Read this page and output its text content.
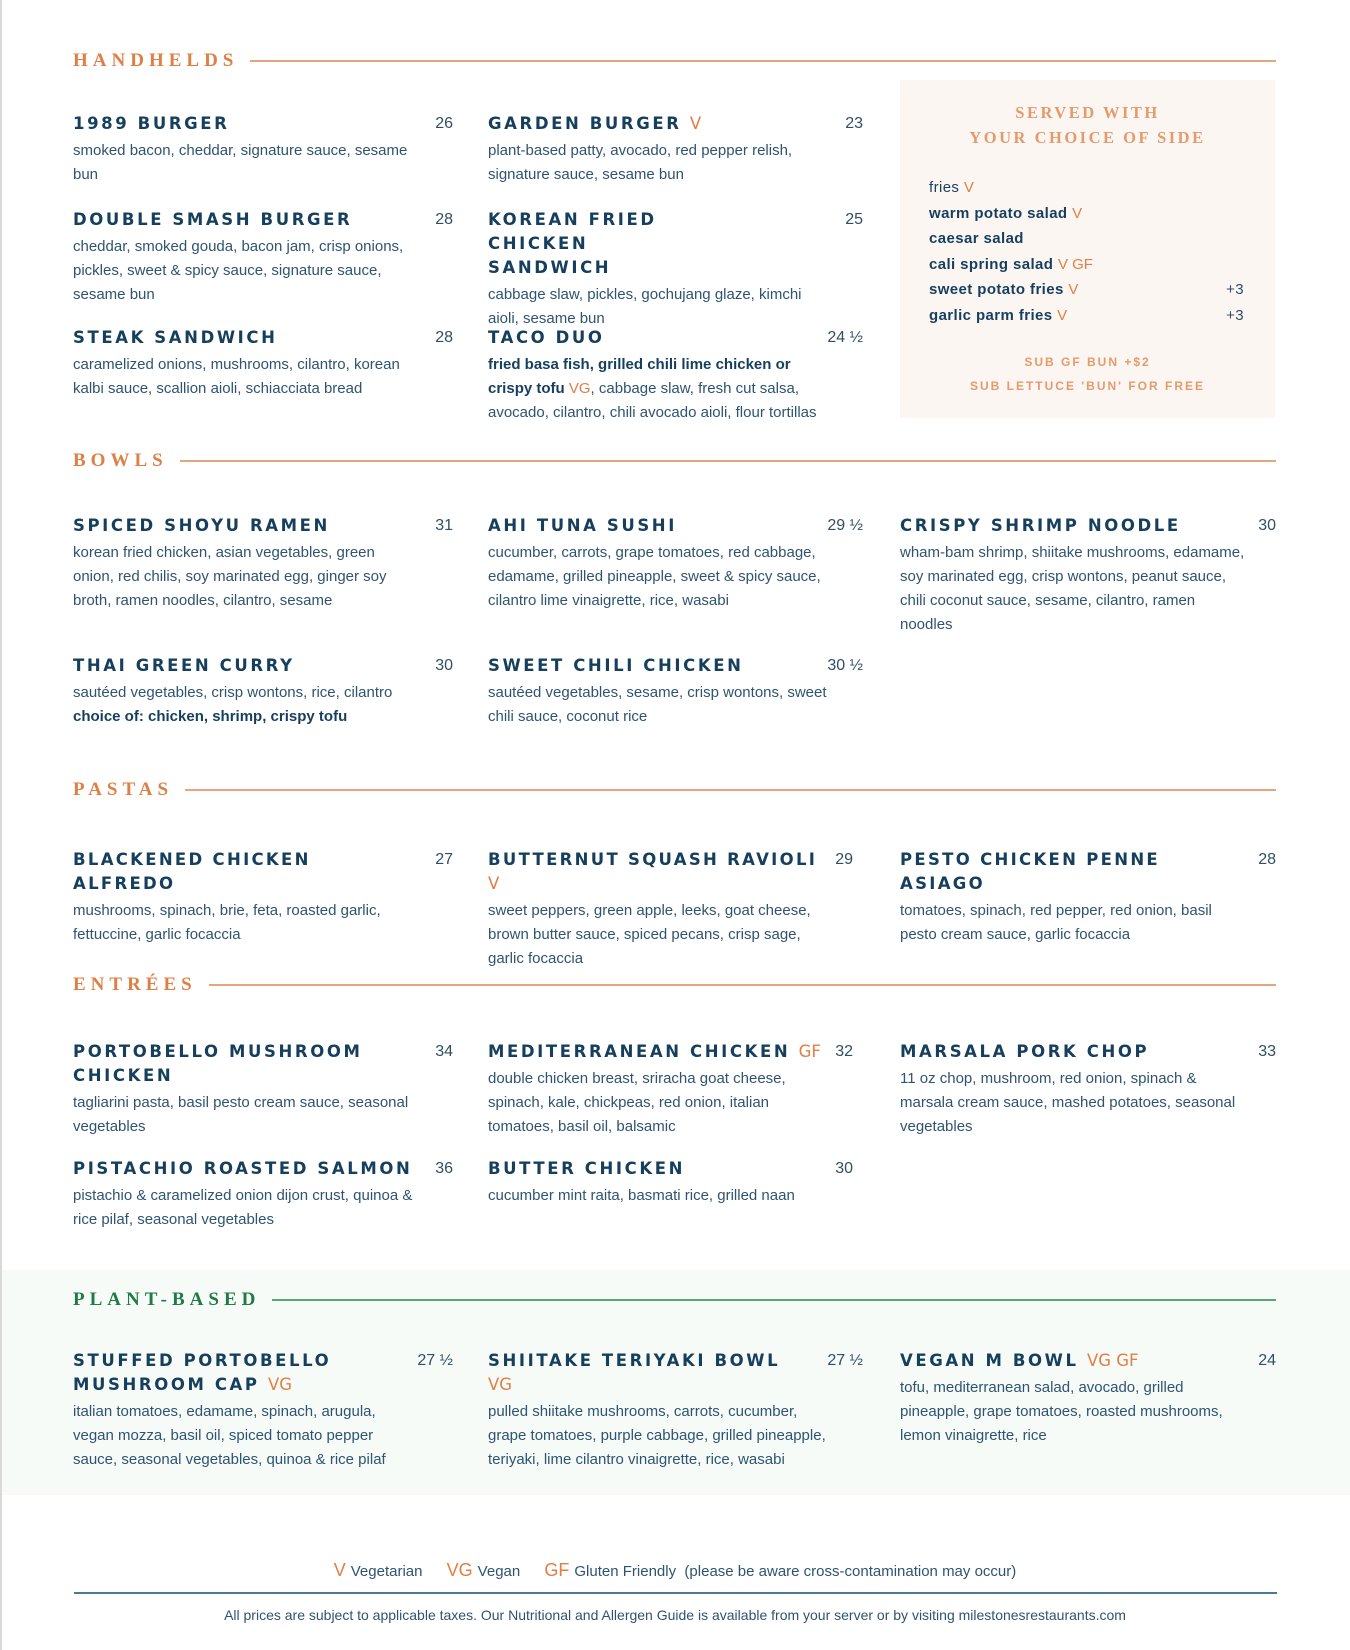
HANDHELDS
1989 BURGER	26
smoked bacon, cheddar, signature sauce, sesame bun
GARDEN BURGER V	23
plant-based patty, avocado, red pepper relish, signature sauce, sesame bun
DOUBLE SMASH BURGER	28
cheddar, smoked gouda, bacon jam, crisp onions, pickles, sweet & spicy sauce, signature sauce, sesame bun
KOREAN FRIED CHICKEN SANDWICH
25
cabbage slaw, pickles, gochujang glaze, kimchi aioli, sesame bun
STEAK SANDWICH	28
caramelized onions, mushrooms, cilantro, korean kalbi sauce, scallion aioli, schiacciata bread
TACO DUO	24 ½
fried basa fish, grilled chili lime chicken or crispy tofu VG, cabbage slaw, fresh cut salsa, avocado, cilantro, chili avocado aioli, flour tortillas
SERVED WITH
YOUR CHOICE OF SIDE
fries V
warm potato salad V
caesar salad
cali spring salad V GF
sweet potato fries V	+3
garlic parm fries V	+3
SUB GF BUN +$2
SUB LETTUCE 'BUN' FOR FREE
BOWLS
SPICED SHOYU RAMEN	31
korean fried chicken, asian vegetables, green onion, red chilis, soy marinated egg, ginger soy broth, ramen noodles, cilantro, sesame
AHI TUNA SUSHI	29 ½
cucumber, carrots, grape tomatoes, red cabbage, edamame, grilled pineapple, sweet & spicy sauce, cilantro lime vinaigrette, rice, wasabi
CRISPY SHRIMP NOODLE	30
wham-bam shrimp, shiitake mushrooms, edamame, soy marinated egg, crisp wontons, peanut sauce, chili coconut sauce, sesame, cilantro, ramen noodles
THAI GREEN CURRY	30
sautéed vegetables, crisp wontons, rice, cilantro
choice of: chicken, shrimp, crispy tofu
SWEET CHILI CHICKEN	30 ½
sautéed vegetables, sesame, crisp wontons, sweet chili sauce, coconut rice
PASTAS
BLACKENED CHICKEN ALFREDO
27
mushrooms, spinach, brie, feta, roasted garlic, fettuccine, garlic focaccia
BUTTERNUT SQUASH RAVIOLI V
29
sweet peppers, green apple, leeks, goat cheese, brown butter sauce, spiced pecans, crisp sage, garlic focaccia
PESTO CHICKEN PENNE ASIAGO
28
tomatoes, spinach, red pepper, red onion, basil pesto cream sauce, garlic focaccia
ENTRÉES
PORTOBELLO MUSHROOM CHICKEN
34
tagliarini pasta, basil pesto cream sauce, seasonal vegetables
MEDITERRANEAN CHICKEN GF 32
double chicken breast, sriracha goat cheese, spinach, kale, chickpeas, red onion, italian tomatoes, basil oil, balsamic
MARSALA PORK CHOP	33
11 oz chop, mushroom, red onion, spinach & marsala cream sauce, mashed potatoes, seasonal vegetables
PISTACHIO ROASTED SALMON 36
pistachio & caramelized onion dijon crust, quinoa & rice pilaf, seasonal vegetables
BUTTER CHICKEN	30
cucumber mint raita, basmati rice, grilled naan
PLANT-BASED
STUFFED PORTOBELLO MUSHROOM CAP VG
27 ½
italian tomatoes, edamame, spinach, arugula, vegan mozza, basil oil, spiced tomato pepper sauce, seasonal vegetables, quinoa & rice pilaf
SHIITAKE TERIYAKI BOWL VG
27 ½
pulled shiitake mushrooms, carrots, cucumber, grape tomatoes, purple cabbage, grilled pineapple, teriyaki, lime cilantro vinaigrette, rice, wasabi
VEGAN M BOWL VG GF	24
tofu, mediterranean salad, avocado, grilled pineapple, grape tomatoes, roasted mushrooms, lemon vinaigrette, rice
V Vegetarian VG Vegan GF Gluten Friendly  (please be aware cross-contamination may occur)
All prices are subject to applicable taxes. Our Nutritional and Allergen Guide is available from your server or by visiting milestonesrestaurants.com
